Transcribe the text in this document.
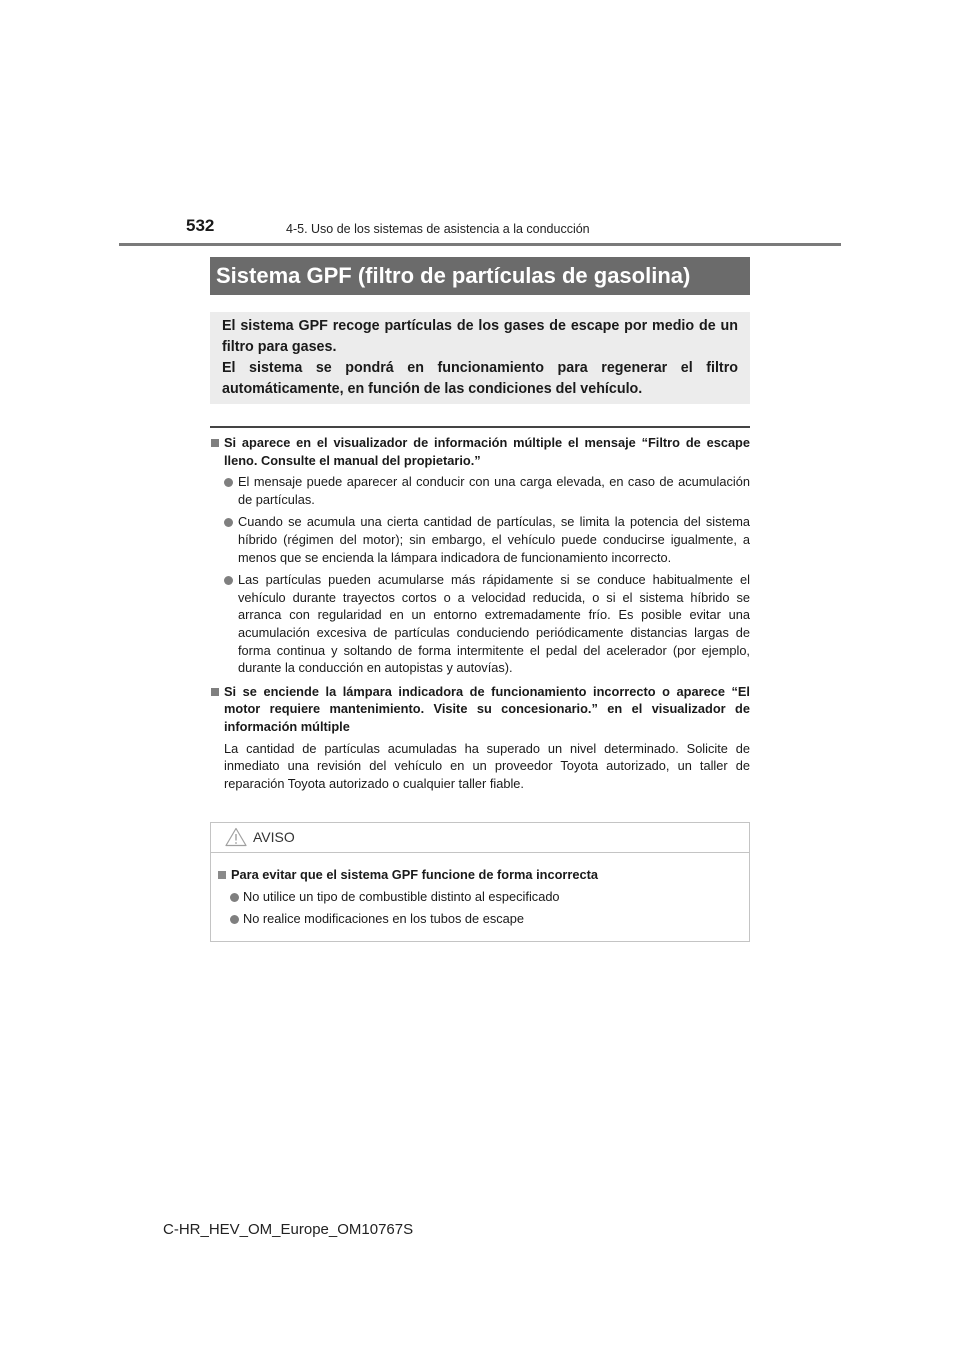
532	4-5. Uso de los sistemas de asistencia a la conducción
Sistema GPF (filtro de partículas de gasolina)

El sistema GPF recoge partículas de los gases de escape por medio de un filtro para gases.

El sistema se pondrá en funcionamiento para regenerar el filtro automáticamente, en función de las condiciones del vehículo.

Si aparece en el visualizador de información múltiple el mensaje “Filtro de escape lleno. Consulte el manual del propietario.”
El mensaje puede aparecer al conducir con una carga elevada, en caso de acumulación de partículas.
Cuando se acumula una cierta cantidad de partículas, se limita la potencia del sistema híbrido (régimen del motor); sin embargo, el vehículo puede conducirse igualmente, a menos que se encienda la lámpara indicadora de funcionamiento incorrecto.
Las partículas pueden acumularse más rápidamente si se conduce habitualmente el vehículo durante trayectos cortos o a velocidad reducida, o si el sistema híbrido se arranca con regularidad en un entorno extremadamente frío. Es posible evitar una acumulación excesiva de partículas conduciendo periódicamente distancias largas de forma continua y soltando de forma intermitente el pedal del acelerador (por ejemplo, durante la conducción en autopistas y autovías).
Si se enciende la lámpara indicadora de funcionamiento incorrecto o aparece “El motor requiere mantenimiento. Visite su concesionario.” en el visualizador de información múltiple
La cantidad de partículas acumuladas ha superado un nivel determinado. Solicite de inmediato una revisión del vehículo en un proveedor Toyota autorizado, un taller de reparación Toyota autorizado o cualquier taller fiable.
AVISO
Para evitar que el sistema GPF funcione de forma incorrecta
No utilice un tipo de combustible distinto al especificado
No realice modificaciones en los tubos de escape
C-HR_HEV_OM_Europe_OM10767S
